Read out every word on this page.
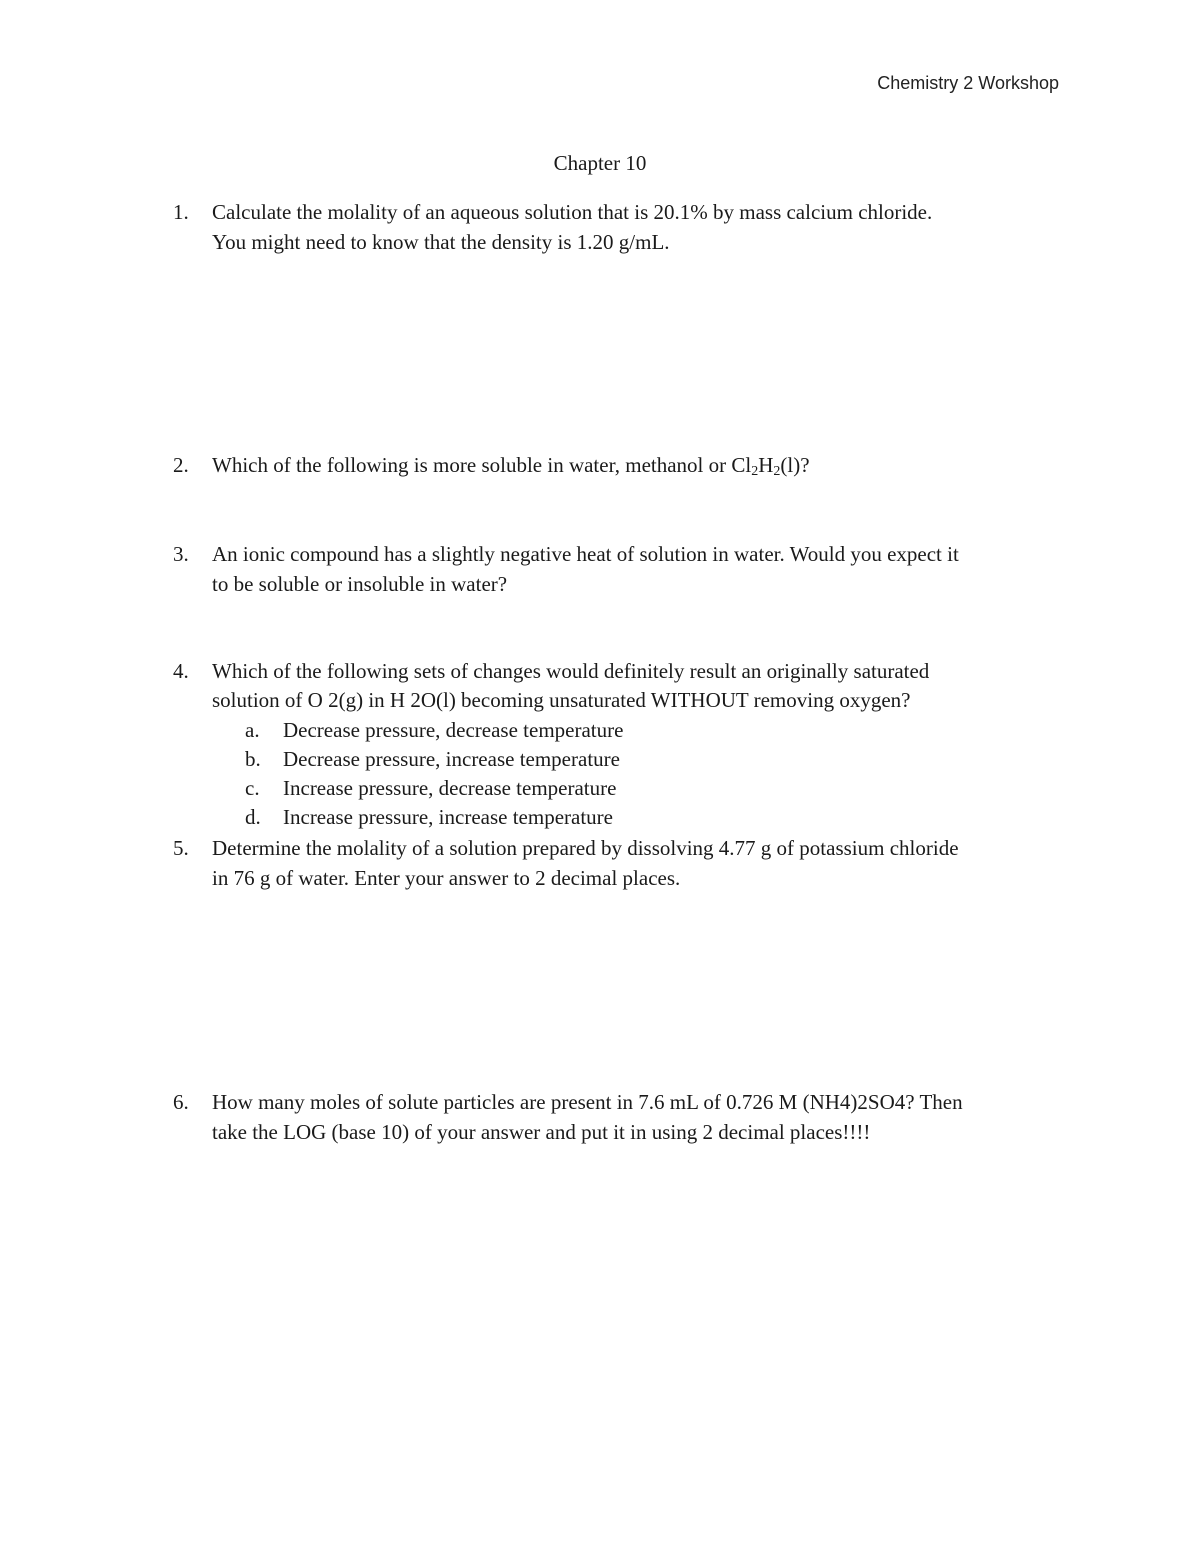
Chemistry 2 Workshop
Chapter 10
1. Calculate the molality of an aqueous solution that is 20.1% by mass calcium chloride.
You might need to know that the density is 1.20 g/mL.
2. Which of the following is more soluble in water, methanol or $Cl_2H_2(l)$?
3. An ionic compound has a slightly negative heat of solution in water. Would you expect it
to be soluble or insoluble in water?
4. Which of the following sets of changes would definitely result an originally saturated
solution of O 2(g) in H 2O(l) becoming unsaturated WITHOUT removing oxygen?
a. Decrease pressure, decrease temperature
b. Decrease pressure, increase temperature
c. Increase pressure, decrease temperature
d. Increase pressure, increase temperature
5. Determine the molality of a solution prepared by dissolving 4.77 g of potassium chloride
in 76 g of water. Enter your answer to 2 decimal places.
6. How many moles of solute particles are present in 7.6 mL of 0.726 M (NH4)2SO4? Then
take the LOG (base 10) of your answer and put it in using 2 decimal places!!!!
